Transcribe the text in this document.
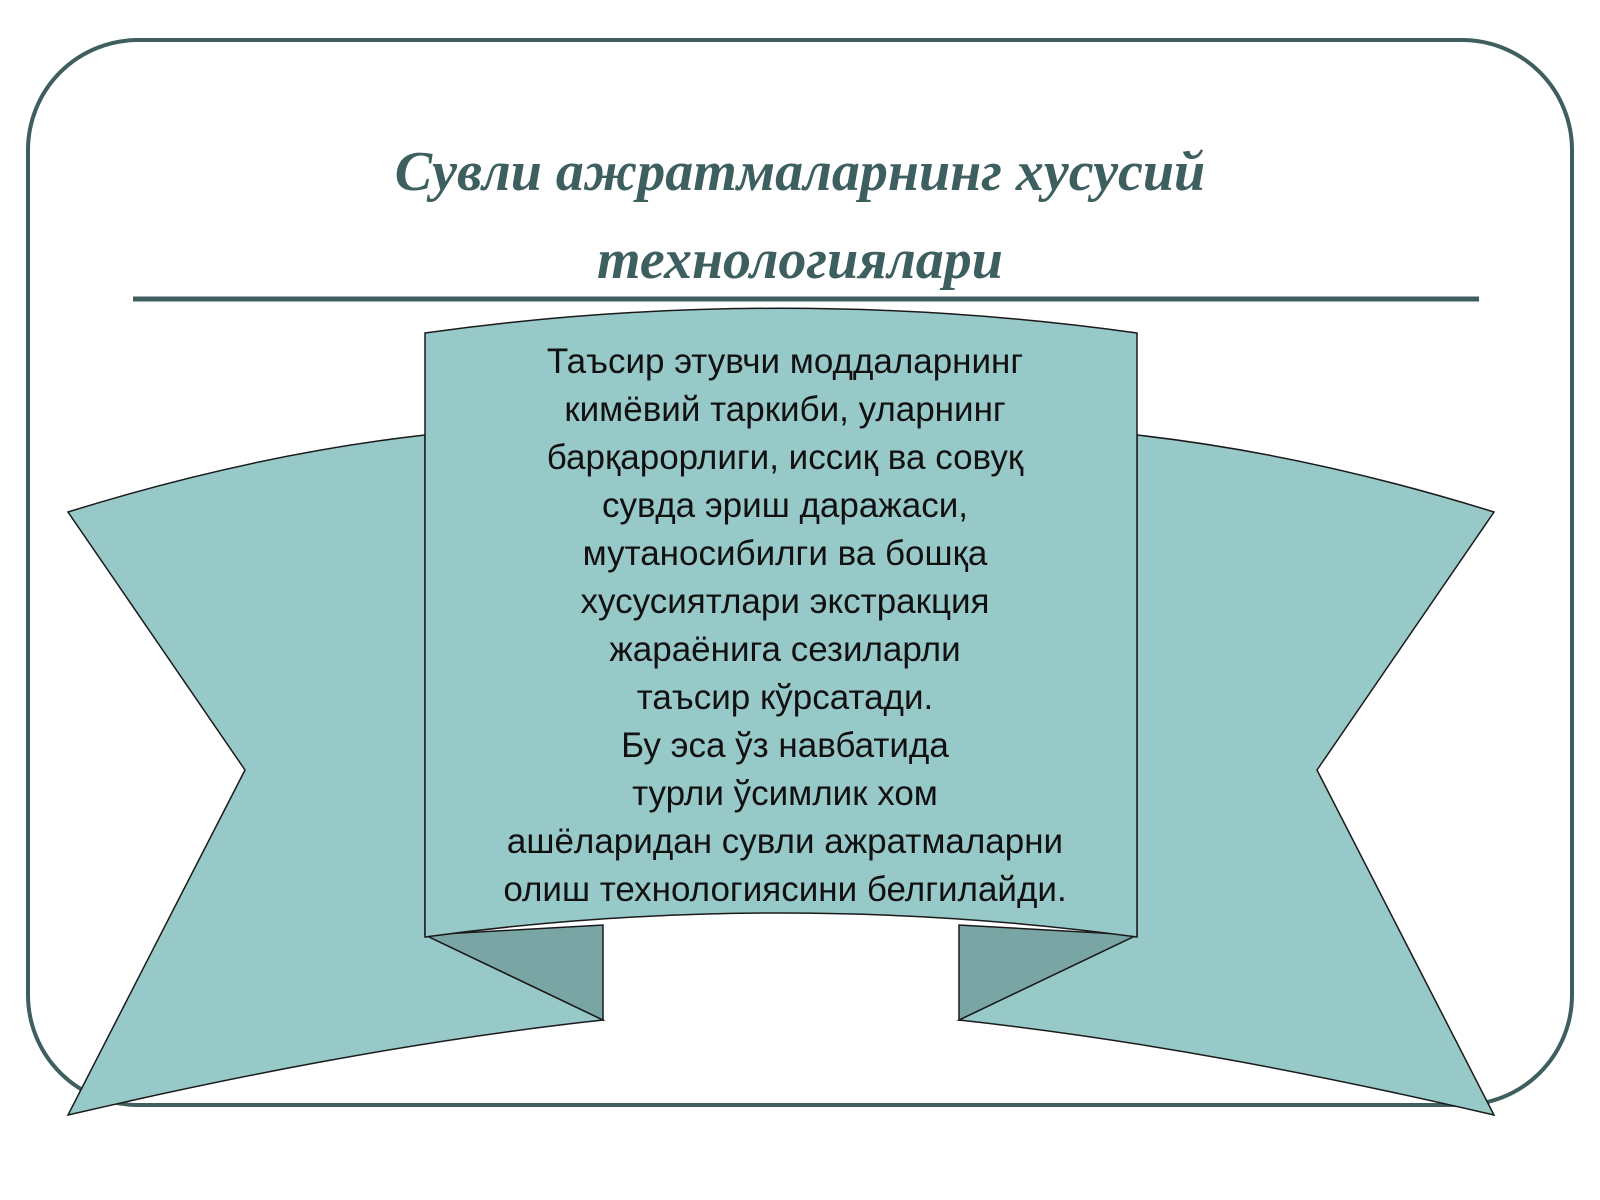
Сувли ажратмаларнинг хусусий
технологиялари
Таъсир этувчи моддаларнинг
кимёвий таркиби, уларнинг
барқарорлиги, иссиқ ва совуқ
сувда эриш даражаси,
мутаносибилги ва бошқа
хусусиятлари экстракция
жараёнига сезиларли
таъсир кўрсатади.
Бу эса ўз навбатида
турли ўсимлик хом
ашёларидан сувли ажратмаларни
олиш технологиясини белгилайди.
